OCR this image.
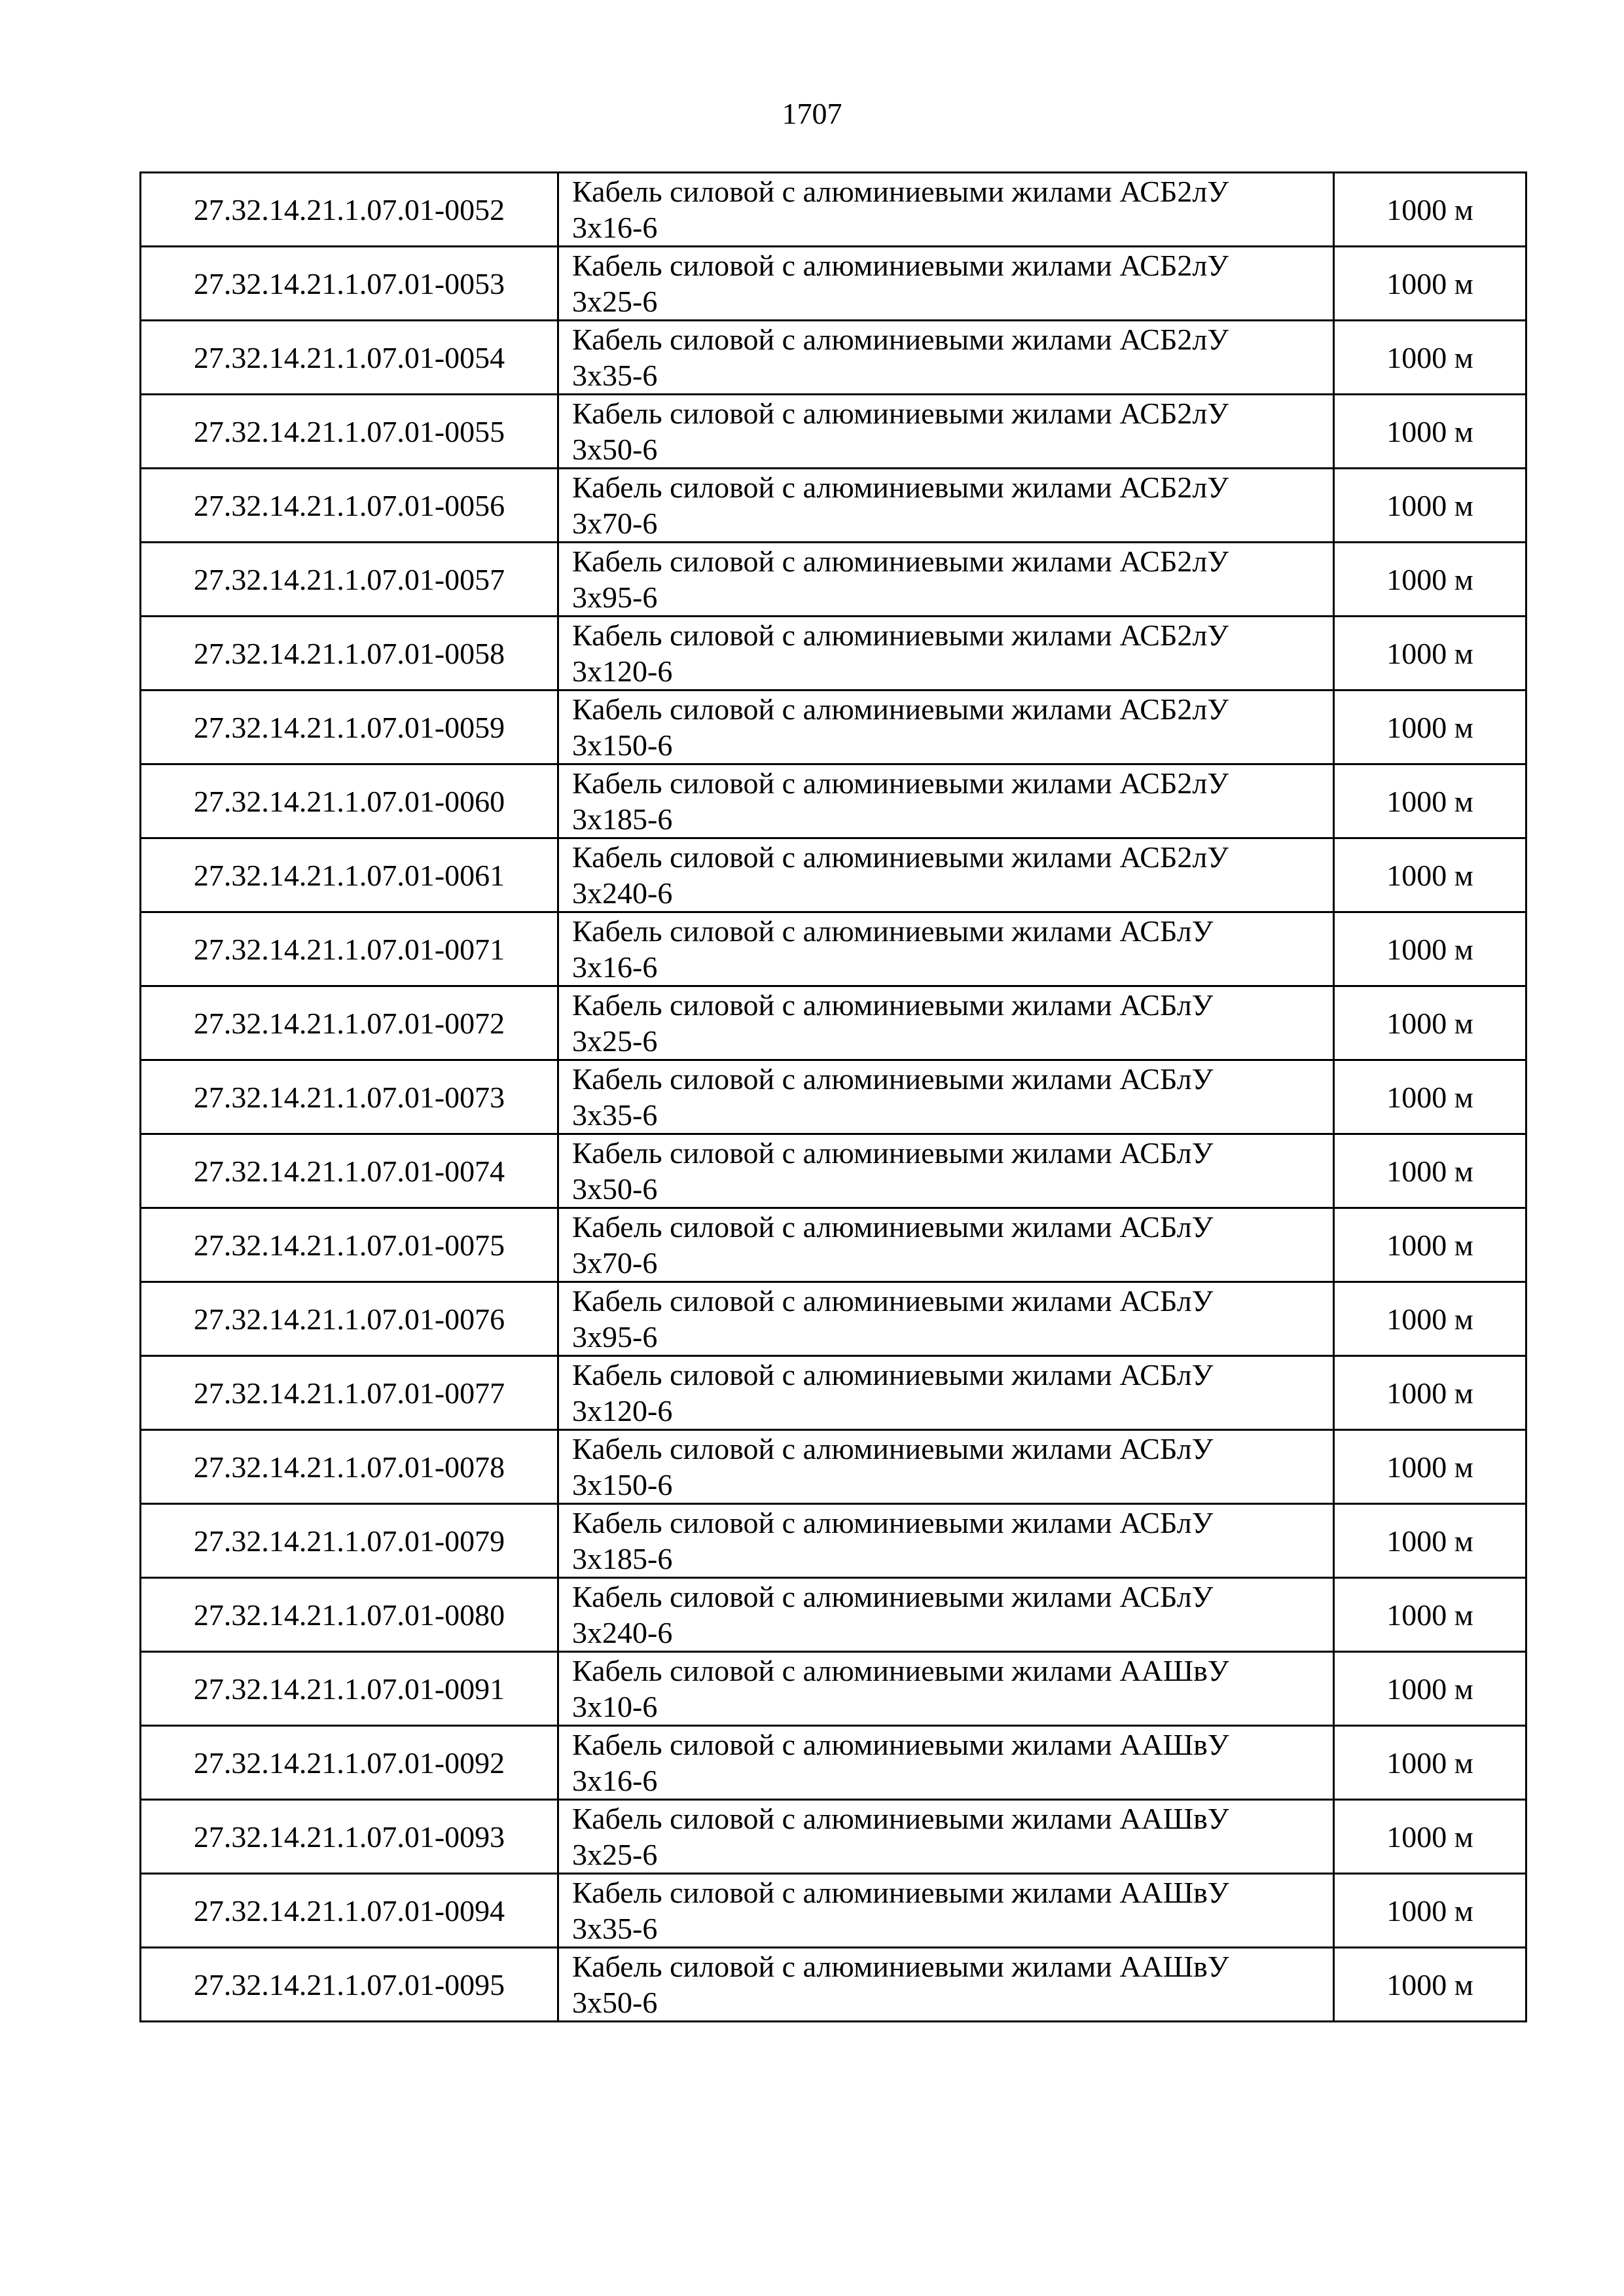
1707
27.32.14.21.1.07.01-0052	Кабель силовой с алюминиевыми жилами АСБ2лУ
3х16-6	1000 м
27.32.14.21.1.07.01-0053	Кабель силовой с алюминиевыми жилами АСБ2лУ
3х25-6	1000 м
27.32.14.21.1.07.01-0054	Кабель силовой с алюминиевыми жилами АСБ2лУ
3х35-6	1000 м
27.32.14.21.1.07.01-0055	Кабель силовой с алюминиевыми жилами АСБ2лУ
3х50-6	1000 м
27.32.14.21.1.07.01-0056	Кабель силовой с алюминиевыми жилами АСБ2лУ
3х70-6	1000 м
27.32.14.21.1.07.01-0057	Кабель силовой с алюминиевыми жилами АСБ2лУ
3х95-6	1000 м
27.32.14.21.1.07.01-0058	Кабель силовой с алюминиевыми жилами АСБ2лУ
3х120-6	1000 м
27.32.14.21.1.07.01-0059	Кабель силовой с алюминиевыми жилами АСБ2лУ
3х150-6	1000 м
27.32.14.21.1.07.01-0060	Кабель силовой с алюминиевыми жилами АСБ2лУ
3х185-6	1000 м
27.32.14.21.1.07.01-0061	Кабель силовой с алюминиевыми жилами АСБ2лУ
3х240-6	1000 м
27.32.14.21.1.07.01-0071	Кабель силовой с алюминиевыми жилами АСБлУ
3х16-6	1000 м
27.32.14.21.1.07.01-0072	Кабель силовой с алюминиевыми жилами АСБлУ
3х25-6	1000 м
27.32.14.21.1.07.01-0073	Кабель силовой с алюминиевыми жилами АСБлУ
3х35-6	1000 м
27.32.14.21.1.07.01-0074	Кабель силовой с алюминиевыми жилами АСБлУ
3х50-6	1000 м
27.32.14.21.1.07.01-0075	Кабель силовой с алюминиевыми жилами АСБлУ
3х70-6	1000 м
27.32.14.21.1.07.01-0076	Кабель силовой с алюминиевыми жилами АСБлУ
3х95-6	1000 м
27.32.14.21.1.07.01-0077	Кабель силовой с алюминиевыми жилами АСБлУ
3х120-6	1000 м
27.32.14.21.1.07.01-0078	Кабель силовой с алюминиевыми жилами АСБлУ
3х150-6	1000 м
27.32.14.21.1.07.01-0079	Кабель силовой с алюминиевыми жилами АСБлУ
3х185-6	1000 м
27.32.14.21.1.07.01-0080	Кабель силовой с алюминиевыми жилами АСБлУ
3х240-6	1000 м
27.32.14.21.1.07.01-0091	Кабель силовой с алюминиевыми жилами ААШвУ
3х10-6	1000 м
27.32.14.21.1.07.01-0092	Кабель силовой с алюминиевыми жилами ААШвУ
3х16-6	1000 м
27.32.14.21.1.07.01-0093	Кабель силовой с алюминиевыми жилами ААШвУ
3х25-6	1000 м
27.32.14.21.1.07.01-0094	Кабель силовой с алюминиевыми жилами ААШвУ
3х35-6	1000 м
27.32.14.21.1.07.01-0095	Кабель силовой с алюминиевыми жилами ААШвУ
3х50-6	1000 м
